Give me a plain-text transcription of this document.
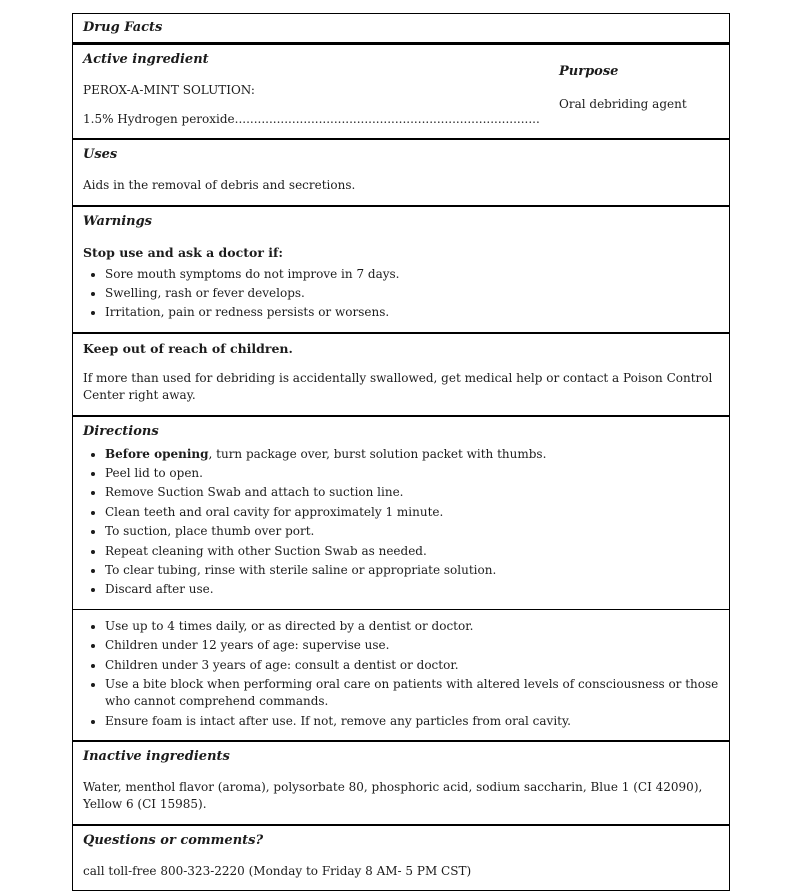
Drug Facts
Active ingredient
PEROX-A-MINT SOLUTION:
1.5% Hydrogen peroxide................................................................................
Purpose
Oral debriding agent
Uses
Aids in the removal of debris and secretions.
Warnings
Stop use and ask a doctor if:
• Sore mouth symptoms do not improve in 7 days.
• Swelling, rash or fever develops.
• Irritation, pain or redness persists or worsens.
Keep out of reach of children.
If more than used for debriding is accidentally swallowed, get medical help or contact a Poison Control Center right away.
Directions
• Before opening, turn package over, burst solution packet with thumbs.
• Peel lid to open.
• Remove Suction Swab and attach to suction line.
• Clean teeth and oral cavity for approximately 1 minute.
• To suction, place thumb over port.
• Repeat cleaning with other Suction Swab as needed.
• To clear tubing, rinse with sterile saline or appropriate solution.
• Discard after use.
• Use up to 4 times daily, or as directed by a dentist or doctor.
• Children under 12 years of age: supervise use.
• Children under 3 years of age: consult a dentist or doctor.
• Use a bite block when performing oral care on patients with altered levels of consciousness or those who cannot comprehend commands.
• Ensure foam is intact after use. If not, remove any particles from oral cavity.
Inactive ingredients
Water, menthol flavor (aroma), polysorbate 80, phosphoric acid, sodium saccharin, Blue 1 (CI 42090), Yellow 6 (CI 15985).
Questions or comments?
call toll-free 800-323-2220 (Monday to Friday 8 AM- 5 PM CST)
